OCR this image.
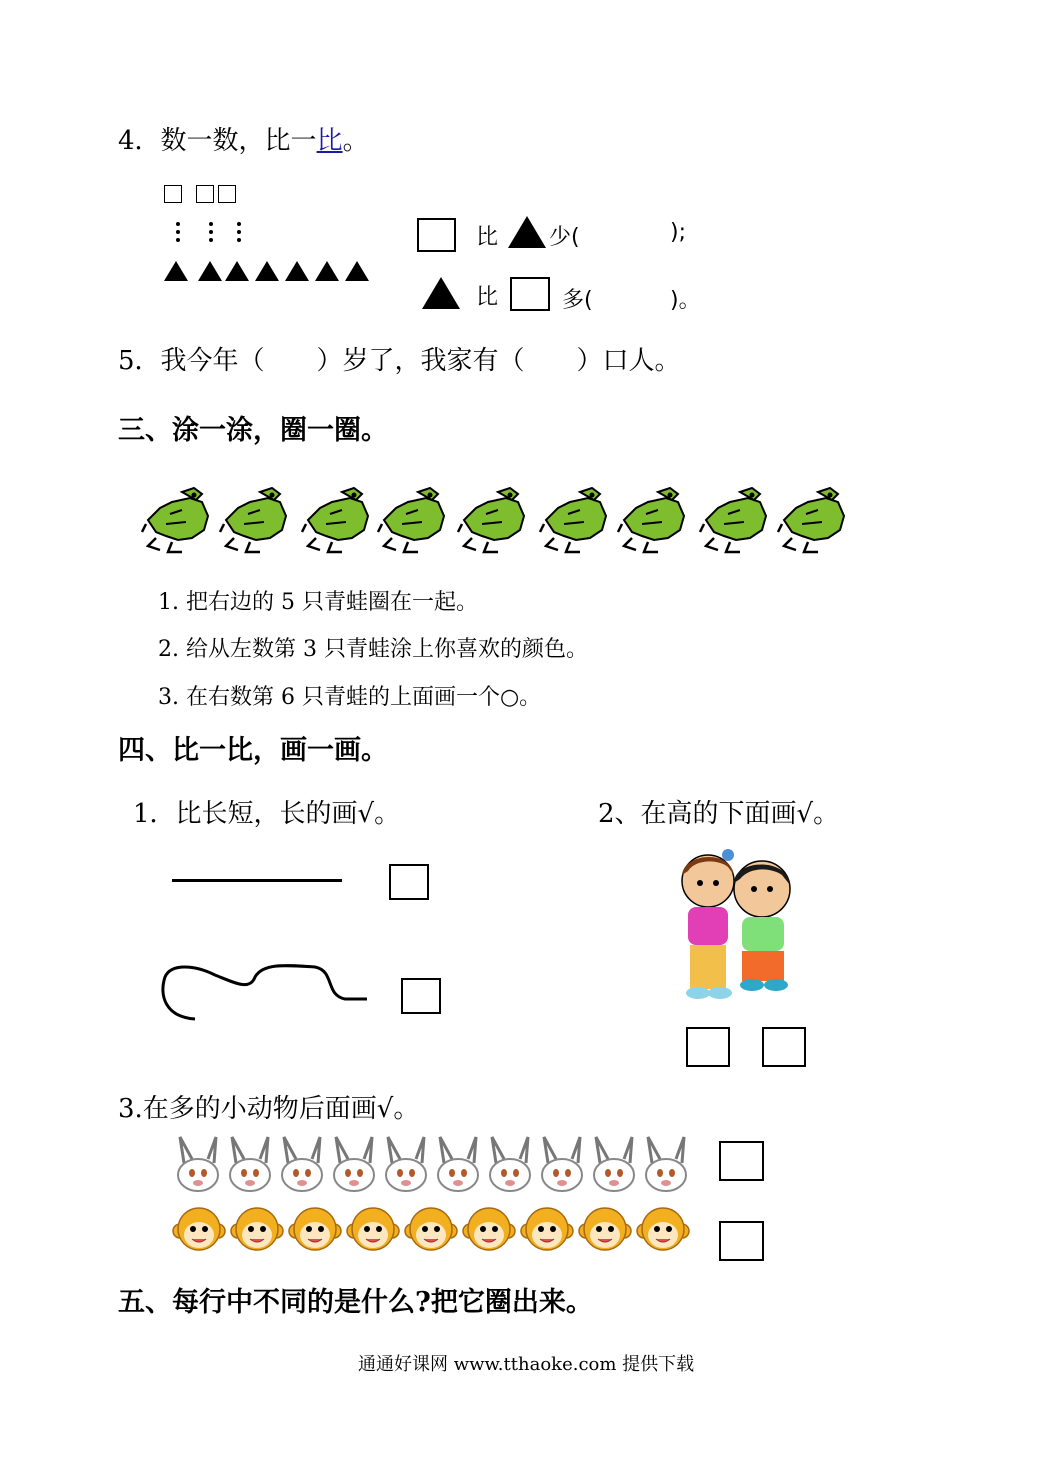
4．数一数，比一比。
比 少(	);
比	多(	)。
5．我今年（　　）岁了，我家有（　　）口人。
三、涂一涂，圈一圈。
1. 把右边的 5 只青蛙圈在一起。
2. 给从左数第 3 只青蛙涂上你喜欢的颜色。
3. 在右数第 6 只青蛙的上面画一个○。
四、比一比，画一画。
1．比长短，长的画√。	2、在高的下面画√。
3.在多的小动物后面画√。
五、每行中不同的是什么?把它圈出来。
通通好课网 www.tthaoke.com 提供下载
